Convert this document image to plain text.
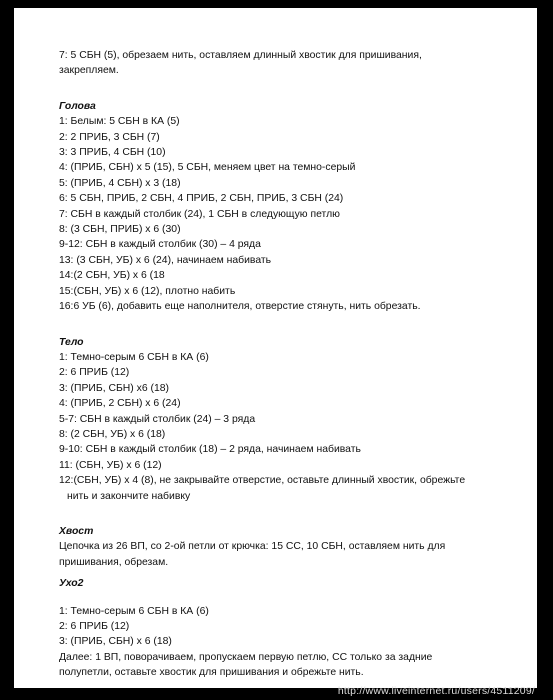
7: 5 СБН (5), обрезаем нить, оставляем длинный хвостик для пришивания,
закрепляем.
Голова
1: Белым: 5 СБН в КА (5)
2: 2 ПРИБ, 3 СБН (7)
3: 3 ПРИБ, 4 СБН (10)
4: (ПРИБ, СБН) х 5 (15), 5 СБН, меняем цвет на темно-серый
5: (ПРИБ, 4 СБН) х 3 (18)
6: 5 СБН, ПРИБ, 2 СБН, 4 ПРИБ, 2 СБН, ПРИБ, 3 СБН (24)
7: СБН в каждый столбик (24), 1 СБН в следующую петлю
8: (3 СБН, ПРИБ) х 6 (30)
9-12: СБН в каждый столбик (30) – 4 ряда
13: (3 СБН, УБ) х 6 (24), начинаем набивать
14:(2 СБН, УБ) х 6 (18
15:(СБН, УБ) х 6 (12), плотно набить
16:6 УБ (6), добавить еще наполнителя, отверстие стянуть, нить обрезать.
Тело
1: Темно-серым 6 СБН в КА (6)
2: 6 ПРИБ (12)
3: (ПРИБ, СБН) х6 (18)
4: (ПРИБ, 2 СБН) х 6 (24)
5-7: СБН в каждый столбик (24) – 3 ряда
8: (2 СБН, УБ) х 6 (18)
9-10: СБН в каждый столбик (18) – 2 ряда, начинаем набивать
11: (СБН, УБ) х 6 (12)
12:(СБН, УБ) х 4 (8), не закрывайте отверстие, оставьте длинный хвостик, обрежьте
нить и закончите набивку
Хвост
Цепочка из 26 ВП, со 2-ой петли от крючка: 15 СС, 10 СБН, оставляем нить для
пришивания, обрезам.
Ухо2
1: Темно-серым 6 СБН в КА (6)
2: 6 ПРИБ (12)
3: (ПРИБ, СБН) х 6 (18)
Далее: 1 ВП, поворачиваем, пропускаем первую петлю, СС только за задние
полупетли, оставьте хвостик для пришивания и обрежьте нить.
http://www.liveinternet.ru/users/4511209/
